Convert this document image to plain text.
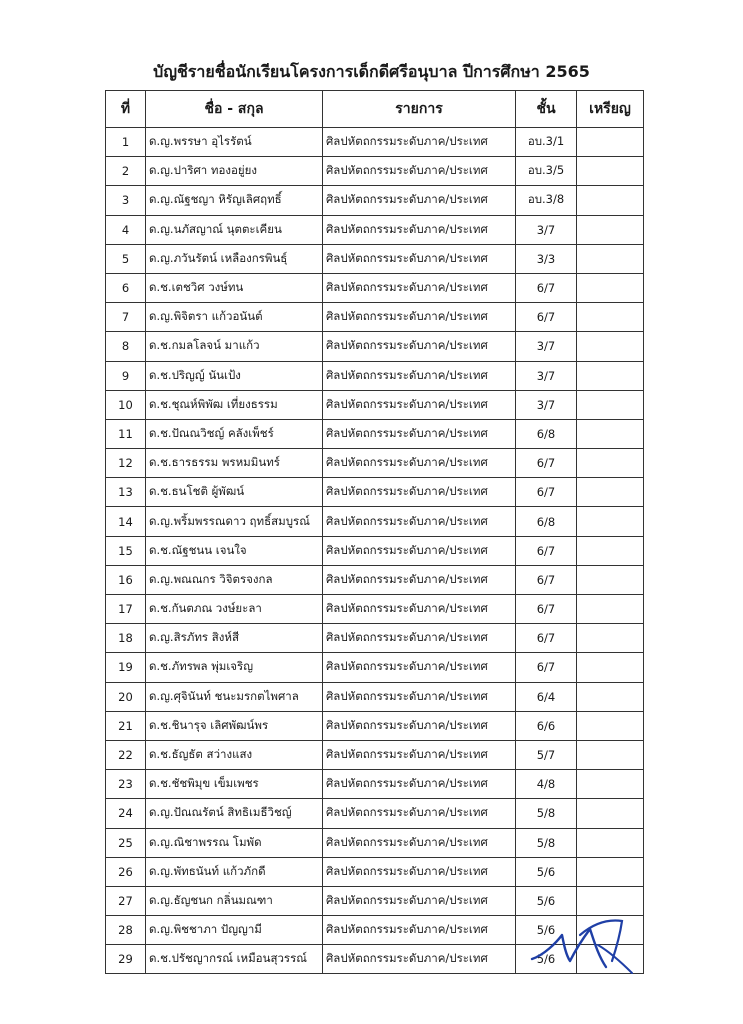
บัญชีรายชื่อนักเรียนโครงการเด็กดีศรีอนุบาล ปีการศึกษา 2565
ที่	ชื่อ - สกุล	รายการ	ชั้น	เหรียญ
1	ด.ญ.พรรษา อุไรรัตน์	ศิลปหัตถกรรมระดับภาค/ประเทศ	อบ.3/1	
2	ด.ญ.ปาริศา ทองอยู่ยง	ศิลปหัตถกรรมระดับภาค/ประเทศ	อบ.3/5	
3	ด.ญ.ณัฐชญา หิรัญเลิศฤทธิ์	ศิลปหัตถกรรมระดับภาค/ประเทศ	อบ.3/8	
4	ด.ญ.นภัสญาณ์ นุตตะเคียน	ศิลปหัตถกรรมระดับภาค/ประเทศ	3/7	
5	ด.ญ.ภวันรัตน์ เหลืองกรพินธุ์	ศิลปหัตถกรรมระดับภาค/ประเทศ	3/3	
6	ด.ช.เตชวิศ วงษ์ทน	ศิลปหัตถกรรมระดับภาค/ประเทศ	6/7	
7	ด.ญ.พิจิตรา แก้วอนันต์	ศิลปหัตถกรรมระดับภาค/ประเทศ	6/7	
8	ด.ช.กมลโลจน์ มาแก้ว	ศิลปหัตถกรรมระดับภาค/ประเทศ	3/7	
9	ด.ช.ปริญญ์ นันเป้ง	ศิลปหัตถกรรมระดับภาค/ประเทศ	3/7	
10	ด.ช.ชุณห์พิพัฒ เที่ยงธรรม	ศิลปหัตถกรรมระดับภาค/ประเทศ	3/7	
11	ด.ช.ปัณณวิชญ์ คลังเพ็ชร์	ศิลปหัตถกรรมระดับภาค/ประเทศ	6/8	
12	ด.ช.ธารธรรม พรหมมินทร์	ศิลปหัตถกรรมระดับภาค/ประเทศ	6/7	
13	ด.ช.ธนโชติ ผู้พัฒน์	ศิลปหัตถกรรมระดับภาค/ประเทศ	6/7	
14	ด.ญ.พริ้มพรรณดาว ฤทธิ์สมบูรณ์	ศิลปหัตถกรรมระดับภาค/ประเทศ	6/8	
15	ด.ช.ณัฐชนน เจนใจ	ศิลปหัตถกรรมระดับภาค/ประเทศ	6/7	
16	ด.ญ.พณณกร วิจิตรจงกล	ศิลปหัตถกรรมระดับภาค/ประเทศ	6/7	
17	ด.ช.กันตภณ วงษ์ยะลา	ศิลปหัตถกรรมระดับภาค/ประเทศ	6/7	
18	ด.ญ.สิรภัทร สิงห์สี	ศิลปหัตถกรรมระดับภาค/ประเทศ	6/7	
19	ด.ช.ภัทรพล พุ่มเจริญ	ศิลปหัตถกรรมระดับภาค/ประเทศ	6/7	
20	ด.ญ.ศุจินันท์ ชนะมรกตไพศาล	ศิลปหัตถกรรมระดับภาค/ประเทศ	6/4	
21	ด.ช.ชินารุจ เลิศพัฒน์พร	ศิลปหัตถกรรมระดับภาค/ประเทศ	6/6	
22	ด.ช.ธัญธัต สว่างแสง	ศิลปหัตถกรรมระดับภาค/ประเทศ	5/7	
23	ด.ช.ชัชพิมุข เข็มเพชร	ศิลปหัตถกรรมระดับภาค/ประเทศ	4/8	
24	ด.ญ.ปัณณรัตน์ สิทธิเมธีวิชญ์	ศิลปหัตถกรรมระดับภาค/ประเทศ	5/8	
25	ด.ญ.ณิชาพรรณ โมพัด	ศิลปหัตถกรรมระดับภาค/ประเทศ	5/8	
26	ด.ญ.พัทธนันท์ แก้วภักดี	ศิลปหัตถกรรมระดับภาค/ประเทศ	5/6	
27	ด.ญ.ธัญชนก กลิ่นมณฑา	ศิลปหัตถกรรมระดับภาค/ประเทศ	5/6	
28	ด.ญ.พิชชาภา ปัญญามี	ศิลปหัตถกรรมระดับภาค/ประเทศ	5/6	
29	ด.ช.ปรัชญากรณ์ เหมือนสุวรรณ์	ศิลปหัตถกรรมระดับภาค/ประเทศ	5/6	
